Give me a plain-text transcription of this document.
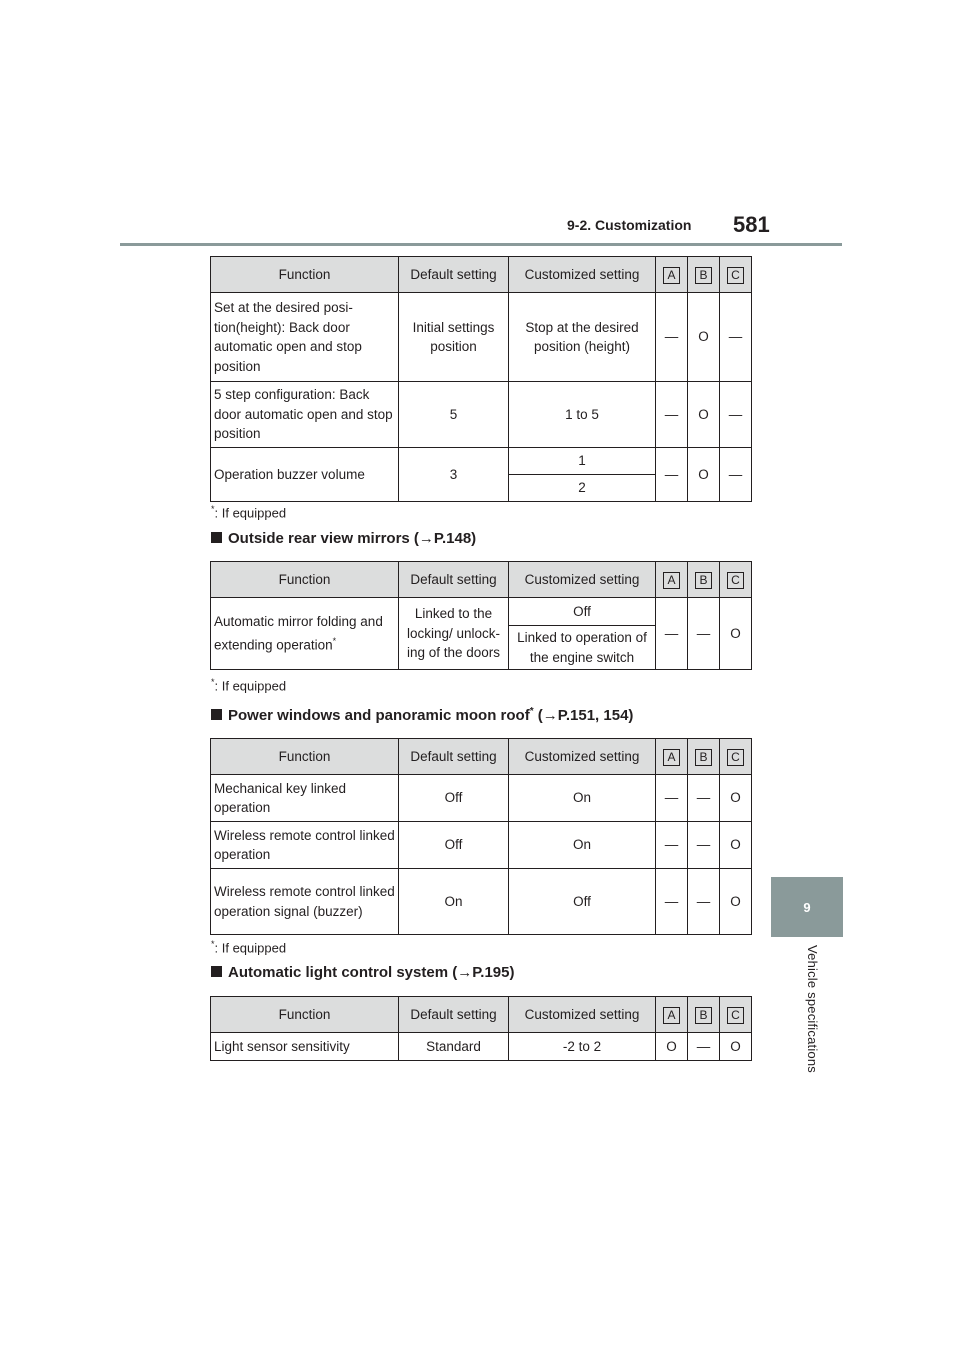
9-2. Customization 581
9
Vehicle specifications
Function	Default setting	Customized setting	A	B	C
Set at the desired posi-tion(height): Back door automatic open and stop position	Initial settings position	Stop at the desired position (height)	—	O	—
5 step configuration: Back door automatic open and stop position	5	1 to 5	—	O	—
Operation buzzer volume	3	1	—	O	—
		2			
*: If equipped
Outside rear view mirrors (→P.148)
Function	Default setting	Customized setting	A	B	C
Automatic mirror folding and extending operation*	Linked to the locking/ unlock-ing of the doors	Off	—	—	O
		Linked to operation of the engine switch			
*: If equipped
Power windows and panoramic moon roof* (→P.151, 154)
Function	Default setting	Customized setting	A	B	C
Mechanical key linked operation	Off	On	—	—	O
Wireless remote control linked operation	Off	On	—	—	O
Wireless remote control linked operation signal (buzzer)	On	Off	—	—	O
*: If equipped
Automatic light control system (→P.195)
Function	Default setting	Customized setting	A	B	C
Light sensor sensitivity	Standard	-2 to 2	O	—	O
